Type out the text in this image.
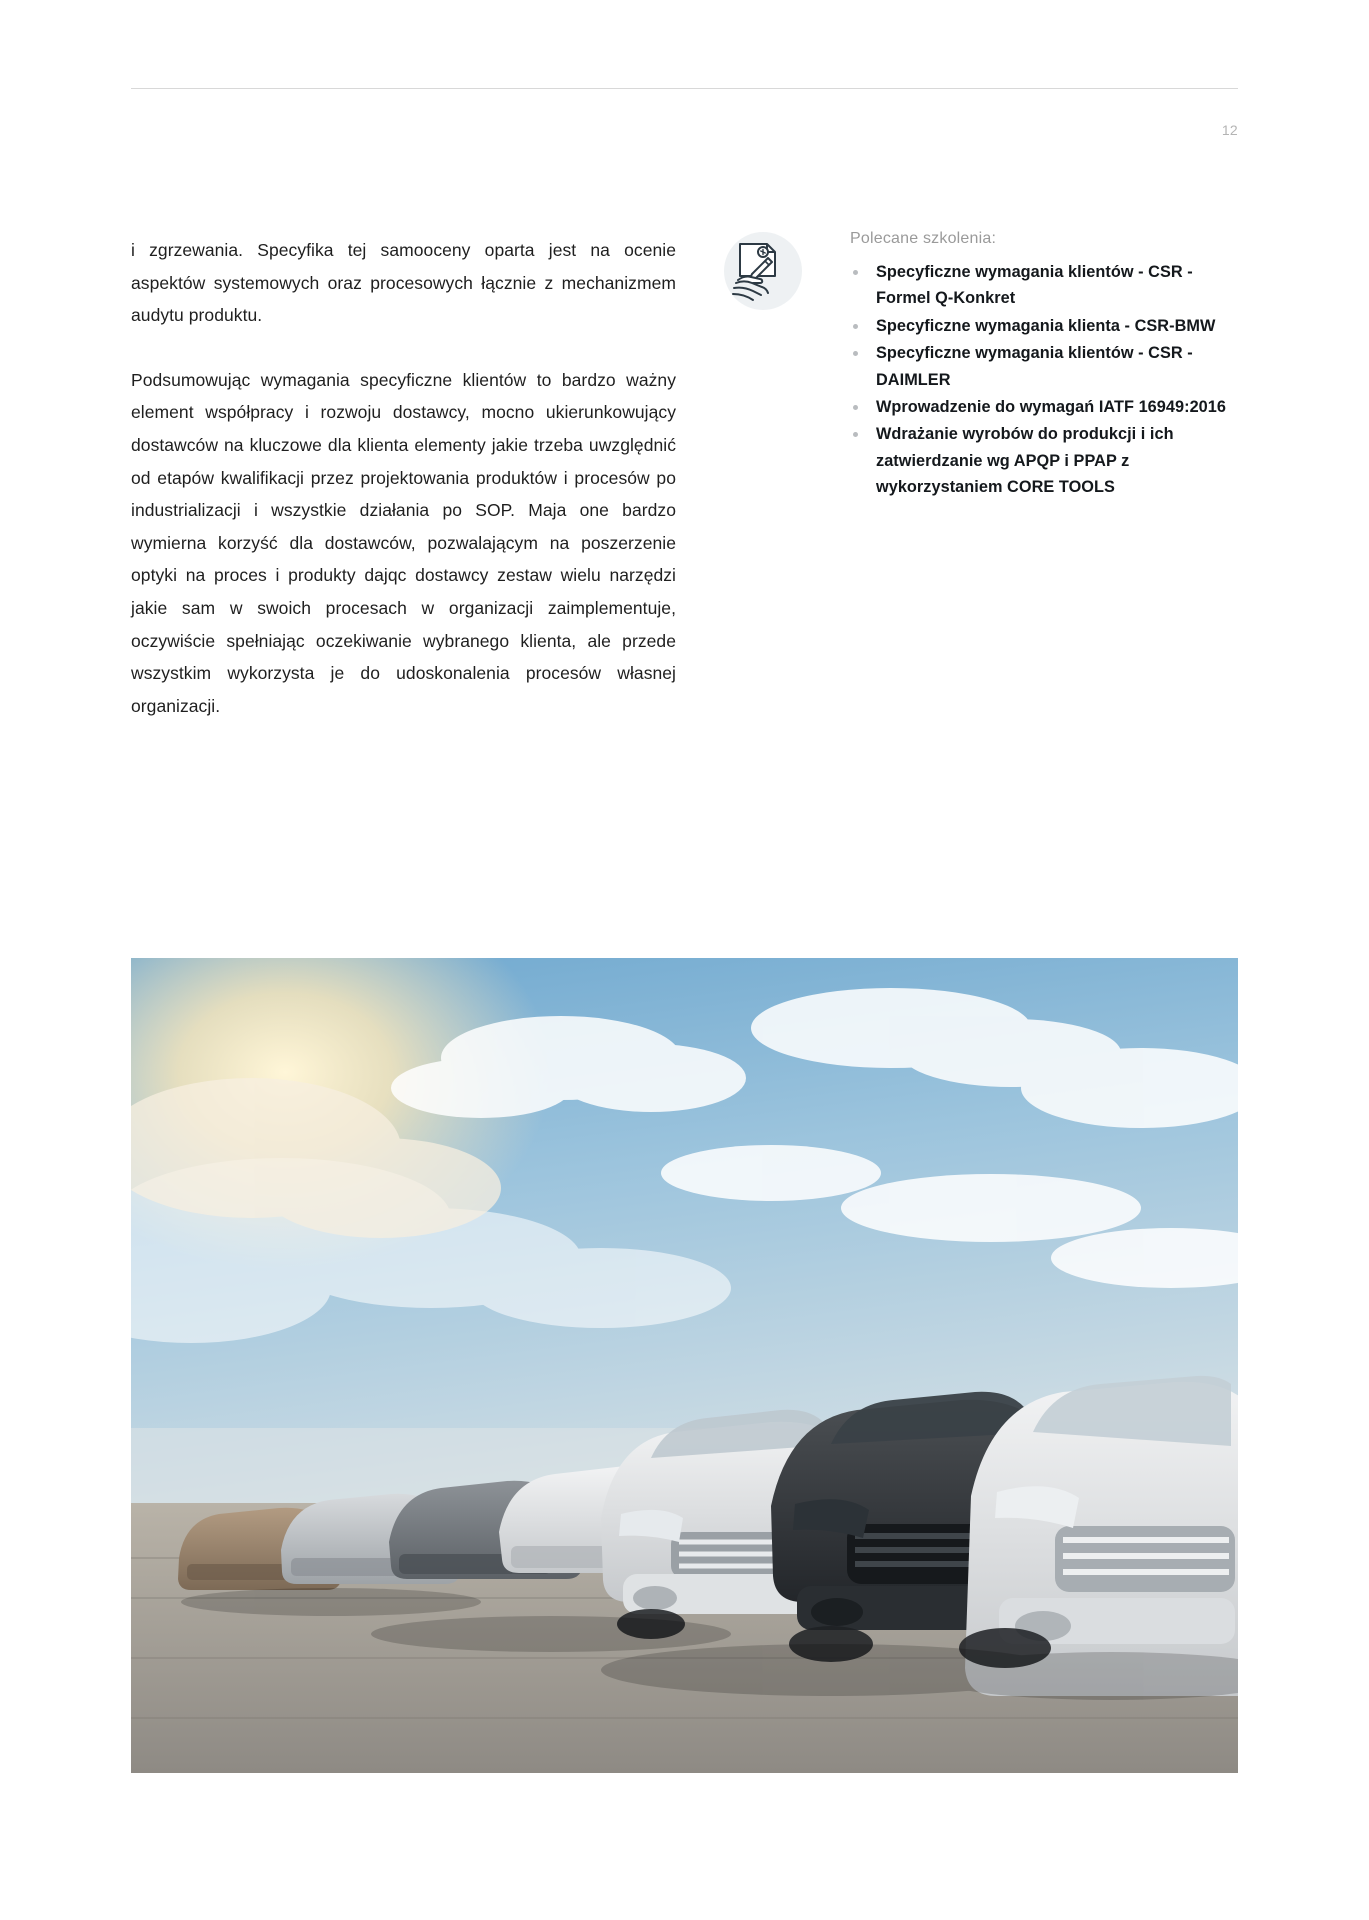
12

i zgrzewania. Specyfika tej samooceny oparta jest na ocenie aspektów systemowych oraz procesowych łącznie z mechanizmem audytu produktu.

Podsumowując wymagania specyficzne klientów to bardzo ważny element współpracy i rozwoju dostawcy, mocno ukierunkowujący dostawców na kluczowe dla klienta elementy jakie trzeba uwzględnić od etapów kwalifikacji przez projektowania produktów i procesów po industrializacji i wszystkie działania po SOP. Maja one bardzo wymierna korzyść dla dostawców, pozwalającym na poszerzenie optyki na proces i produkty dajqc dostawcy zestaw wielu narzędzi jakie sam w swoich procesach w organizacji zaimplementuje, oczywiście spełniając oczekiwanie wybranego klienta, ale przede wszystkim wykorzysta je do udoskonalenia procesów własnej organizacji.

Polecane szkolenia:
Specyficzne wymagania klientów - CSR - Formel Q-Konkret
Specyficzne wymagania klienta - CSR-BMW
Specyficzne wymagania klientów - CSR - DAIMLER
Wprowadzenie do wymagań IATF 16949:2016
Wdrażanie wyrobów do produkcji i ich zatwierdzanie wg APQP i PPAP z wykorzystaniem CORE TOOLS
